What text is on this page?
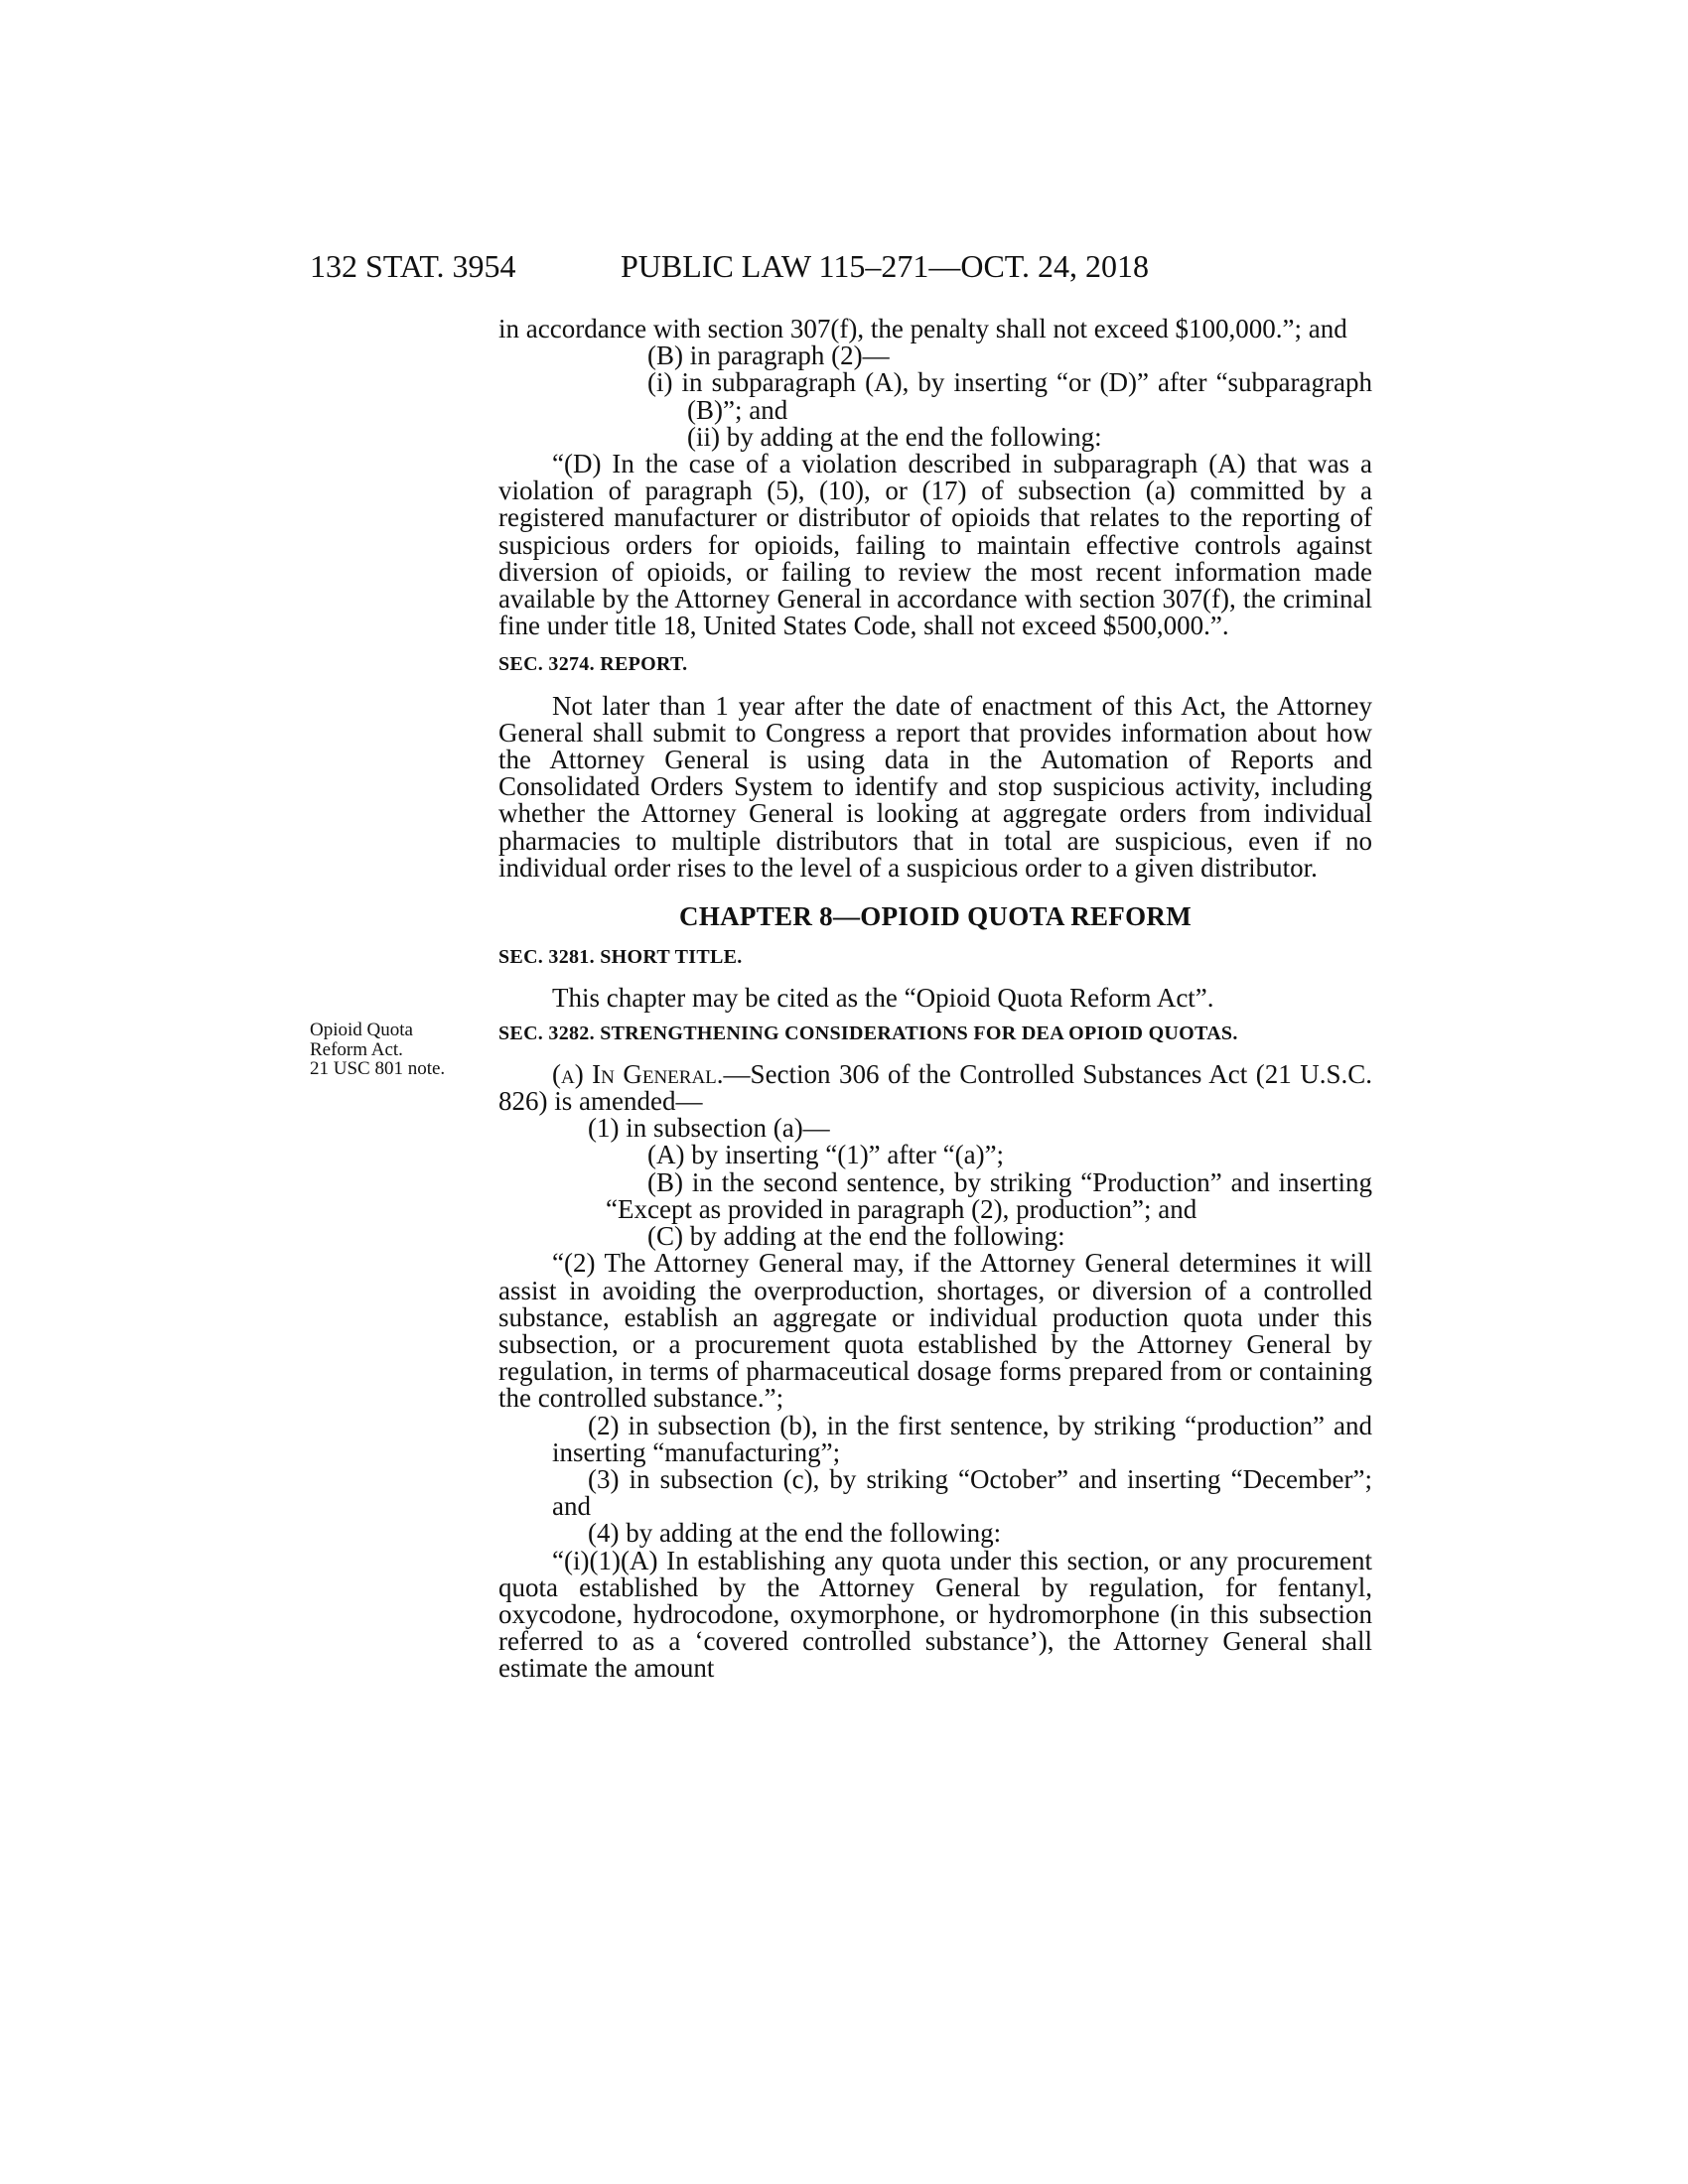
132 STAT. 3954	PUBLIC LAW 115–271—OCT. 24, 2018
Opioid Quota
Reform Act.
21 USC 801 note.

in accordance with section 307(f), the penalty shall not exceed $100,000.”; and

(B) in paragraph (2)—

(i) in subparagraph (A), by inserting “or (D)” after “subparagraph (B)”; and

(ii) by adding at the end the following:

“(D) In the case of a violation described in subparagraph (A) that was a violation of paragraph (5), (10), or (17) of subsection (a) committed by a registered manufacturer or distributor of opioids that relates to the reporting of suspicious orders for opioids, failing to maintain effective controls against diversion of opioids, or failing to review the most recent information made available by the Attorney General in accordance with section 307(f), the criminal fine under title 18, United States Code, shall not exceed $500,000.”.

SEC. 3274. REPORT.

Not later than 1 year after the date of enactment of this Act, the Attorney General shall submit to Congress a report that provides information about how the Attorney General is using data in the Automation of Reports and Consolidated Orders System to identify and stop suspicious activity, including whether the Attorney General is looking at aggregate orders from individual pharmacies to multiple distributors that in total are suspicious, even if no individual order rises to the level of a suspicious order to a given distributor.

CHAPTER 8—OPIOID QUOTA REFORM

SEC. 3281. SHORT TITLE.

This chapter may be cited as the “Opioid Quota Reform Act”.

SEC. 3282. STRENGTHENING CONSIDERATIONS FOR DEA OPIOID QUOTAS.

(a) In General.—Section 306 of the Controlled Substances Act (21 U.S.C. 826) is amended—

(1) in subsection (a)—

(A) by inserting “(1)” after “(a)”;

(B) in the second sentence, by striking “Production” and inserting “Except as provided in paragraph (2), production”; and

(C) by adding at the end the following:

“(2) The Attorney General may, if the Attorney General determines it will assist in avoiding the overproduction, shortages, or diversion of a controlled substance, establish an aggregate or individual production quota under this subsection, or a procurement quota established by the Attorney General by regulation, in terms of pharmaceutical dosage forms prepared from or containing the controlled substance.”;

(2) in subsection (b), in the first sentence, by striking “production” and inserting “manufacturing”;

(3) in subsection (c), by striking “October” and inserting “December”; and

(4) by adding at the end the following:

“(i)(1)(A) In establishing any quota under this section, or any procurement quota established by the Attorney General by regulation, for fentanyl, oxycodone, hydrocodone, oxymorphone, or hydromorphone (in this subsection referred to as a ‘covered controlled substance’), the Attorney General shall estimate the amount
